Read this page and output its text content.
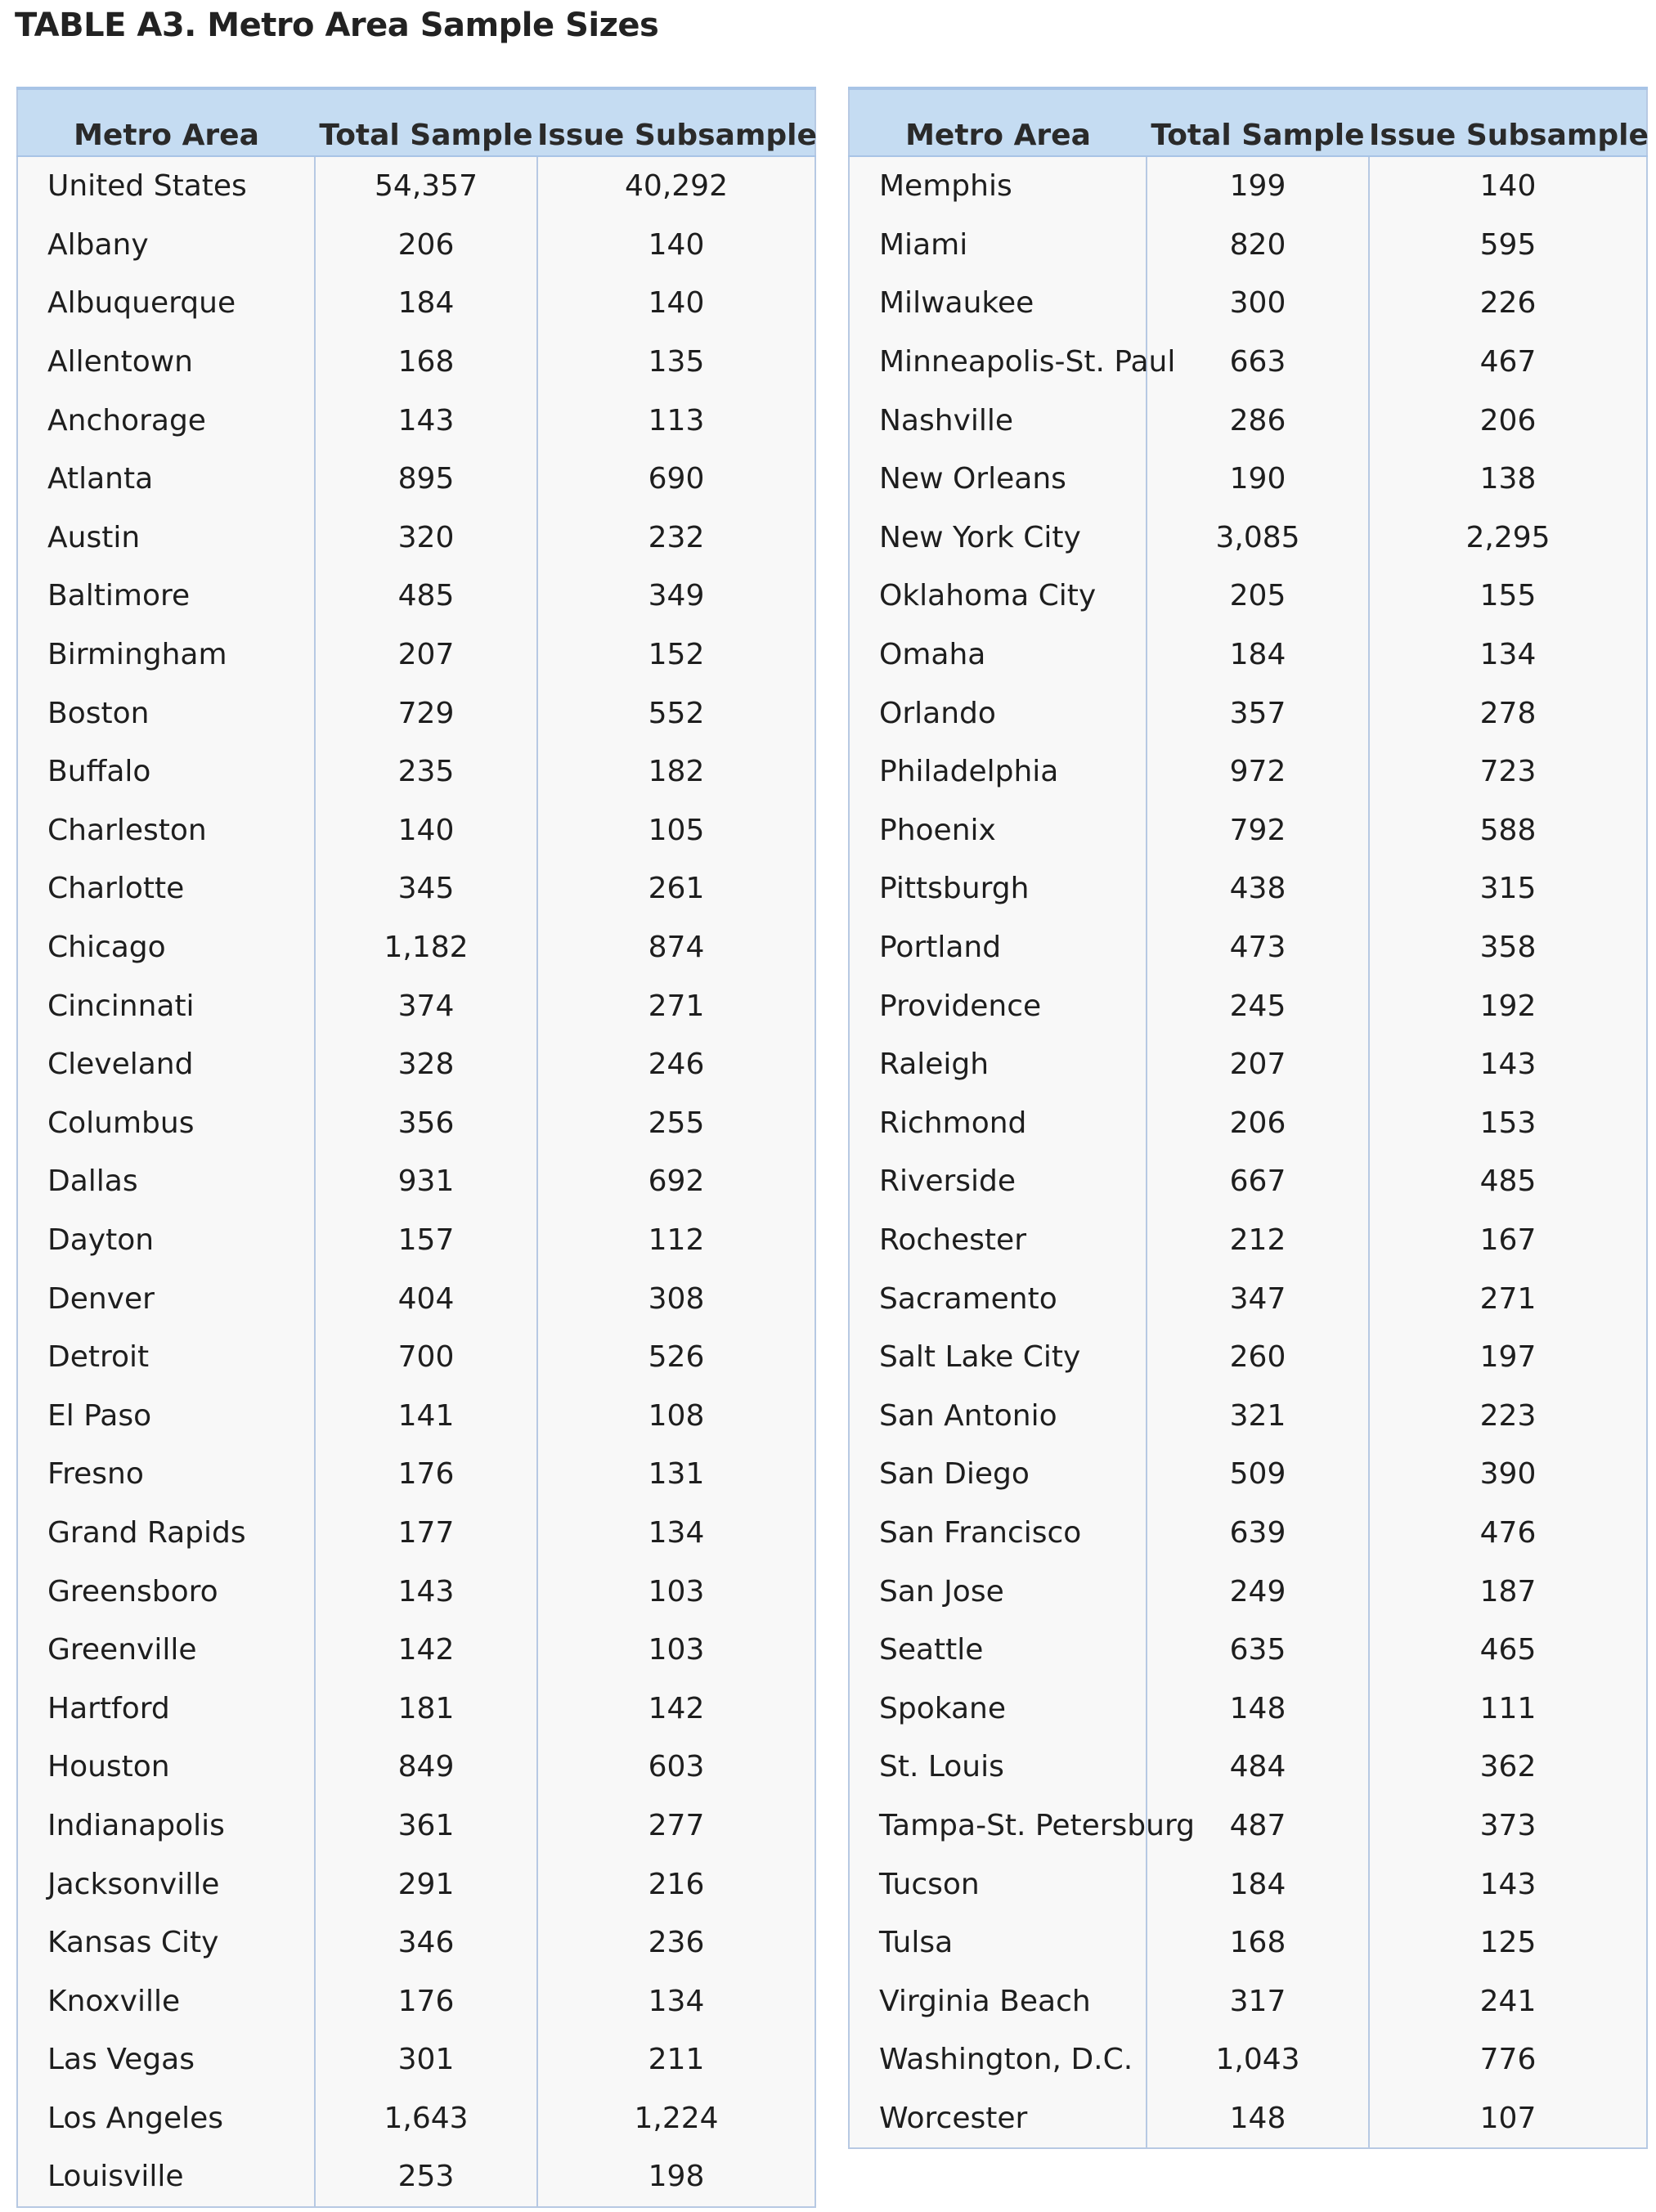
TABLE A3. Metro Area Sample Sizes
Metro Area	Total Sample	Issue Subsample
United States	54,357	40,292
Albany	206	140
Albuquerque	184	140
Allentown	168	135
Anchorage	143	113
Atlanta	895	690
Austin	320	232
Baltimore	485	349
Birmingham	207	152
Boston	729	552
Buffalo	235	182
Charleston	140	105
Charlotte	345	261
Chicago	1,182	874
Cincinnati	374	271
Cleveland	328	246
Columbus	356	255
Dallas	931	692
Dayton	157	112
Denver	404	308
Detroit	700	526
El Paso	141	108
Fresno	176	131
Grand Rapids	177	134
Greensboro	143	103
Greenville	142	103
Hartford	181	142
Houston	849	603
Indianapolis	361	277
Jacksonville	291	216
Kansas City	346	236
Knoxville	176	134
Las Vegas	301	211
Los Angeles	1,643	1,224
Louisville	253	198
Metro Area	Total Sample	Issue Subsample
Memphis	199	140
Miami	820	595
Milwaukee	300	226
Minneapolis-St. Paul	663	467
Nashville	286	206
New Orleans	190	138
New York City	3,085	2,295
Oklahoma City	205	155
Omaha	184	134
Orlando	357	278
Philadelphia	972	723
Phoenix	792	588
Pittsburgh	438	315
Portland	473	358
Providence	245	192
Raleigh	207	143
Richmond	206	153
Riverside	667	485
Rochester	212	167
Sacramento	347	271
Salt Lake City	260	197
San Antonio	321	223
San Diego	509	390
San Francisco	639	476
San Jose	249	187
Seattle	635	465
Spokane	148	111
St. Louis	484	362
Tampa-St. Petersburg	487	373
Tucson	184	143
Tulsa	168	125
Virginia Beach	317	241
Washington, D.C.	1,043	776
Worcester	148	107
